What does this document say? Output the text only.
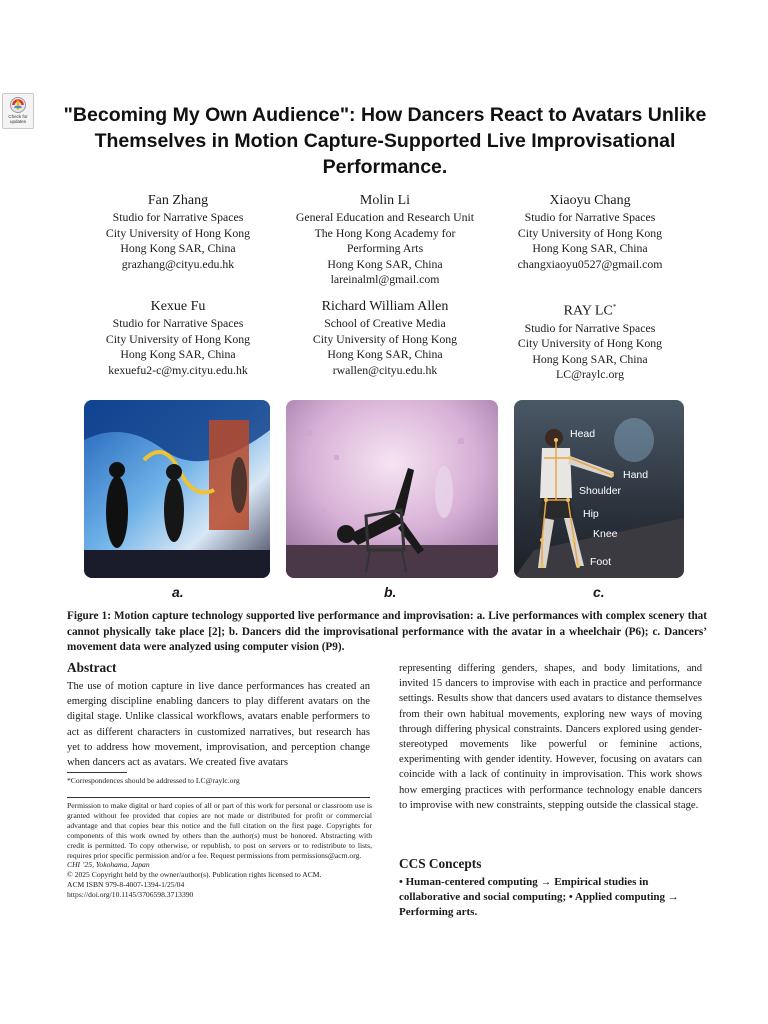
Check for updates	"Becoming My Own Audience": How Dancers React to Avatars Unlike Themselves in Motion Capture-Supported Live Improvisational Performance.
Fan Zhang
Studio for Narrative Spaces
City University of Hong Kong
Hong Kong SAR, China
grazhang@cityu.edu.hk
Molin Li
General Education and Research Unit
The Hong Kong Academy for
Performing Arts
Hong Kong SAR, China
lareinalml@gmail.com
Xiaoyu Chang
Studio for Narrative Spaces
City University of Hong Kong
Hong Kong SAR, China
changxiaoyu0527@gmail.com
Kexue Fu
Studio for Narrative Spaces
City University of Hong Kong
Hong Kong SAR, China
kexuefu2-c@my.cityu.edu.hk
Richard William Allen
School of Creative Media
City University of Hong Kong
Hong Kong SAR, China
rwallen@cityu.edu.hk
RAY LC*
Studio for Narrative Spaces
City University of Hong Kong
Hong Kong SAR, China
LC@raylc.org
Head
Hand
Shoulder
Hip
Knee
Foot
a.	b.	c.
Figure 1: Motion capture technology supported live performance and improvisation: a. Live performances with complex scenery that cannot physically take place [2]; b. Dancers did the improvisational performance with the avatar in a wheelchair (P6); c. Dancers’ movement data were analyzed using computer vision (P9).
Abstract
The use of motion capture in live dance performances has created an emerging discipline enabling dancers to play different avatars on the digital stage. Unlike classical workflows, avatars enable performers to act as different characters in customized narratives, but research has yet to address how movement, improvisation, and perception change when dancers act as avatars. We created five avatars
representing differing genders, shapes, and body limitations, and invited 15 dancers to improvise with each in practice and performance settings. Results show that dancers used avatars to distance themselves from their own habitual movements, exploring new ways of moving through differing physical constraints. Dancers explored using gender-stereotyped movements like powerful or feminine actions, experimenting with gender identity. However, focusing on avatars can coincide with a lack of continuity in improvisation. This work shows how emerging practices with performance technology enable dancers to improvise with new constraints, stepping outside the classical stage.
*Correspondences should be addressed to LC@raylc.org
Permission to make digital or hard copies of all or part of this work for personal or classroom use is granted without fee provided that copies are not made or distributed for profit or commercial advantage and that copies bear this notice and the full citation on the first page. Copyrights for components of this work owned by others than the author(s) must be honored. Abstracting with credit is permitted. To copy otherwise, or republish, to post on servers or to redistribute to lists, requires prior specific permission and/or a fee. Request permissions from permissions@acm.org.
CHI ’25, Yokohama, Japan
© 2025 Copyright held by the owner/author(s). Publication rights licensed to ACM.
ACM ISBN 979-8-4007-1394-1/25/04
https://doi.org/10.1145/3706598.3713390
CCS Concepts
• Human-centered computing → Empirical studies in collaborative and social computing; • Applied computing → Performing arts.
